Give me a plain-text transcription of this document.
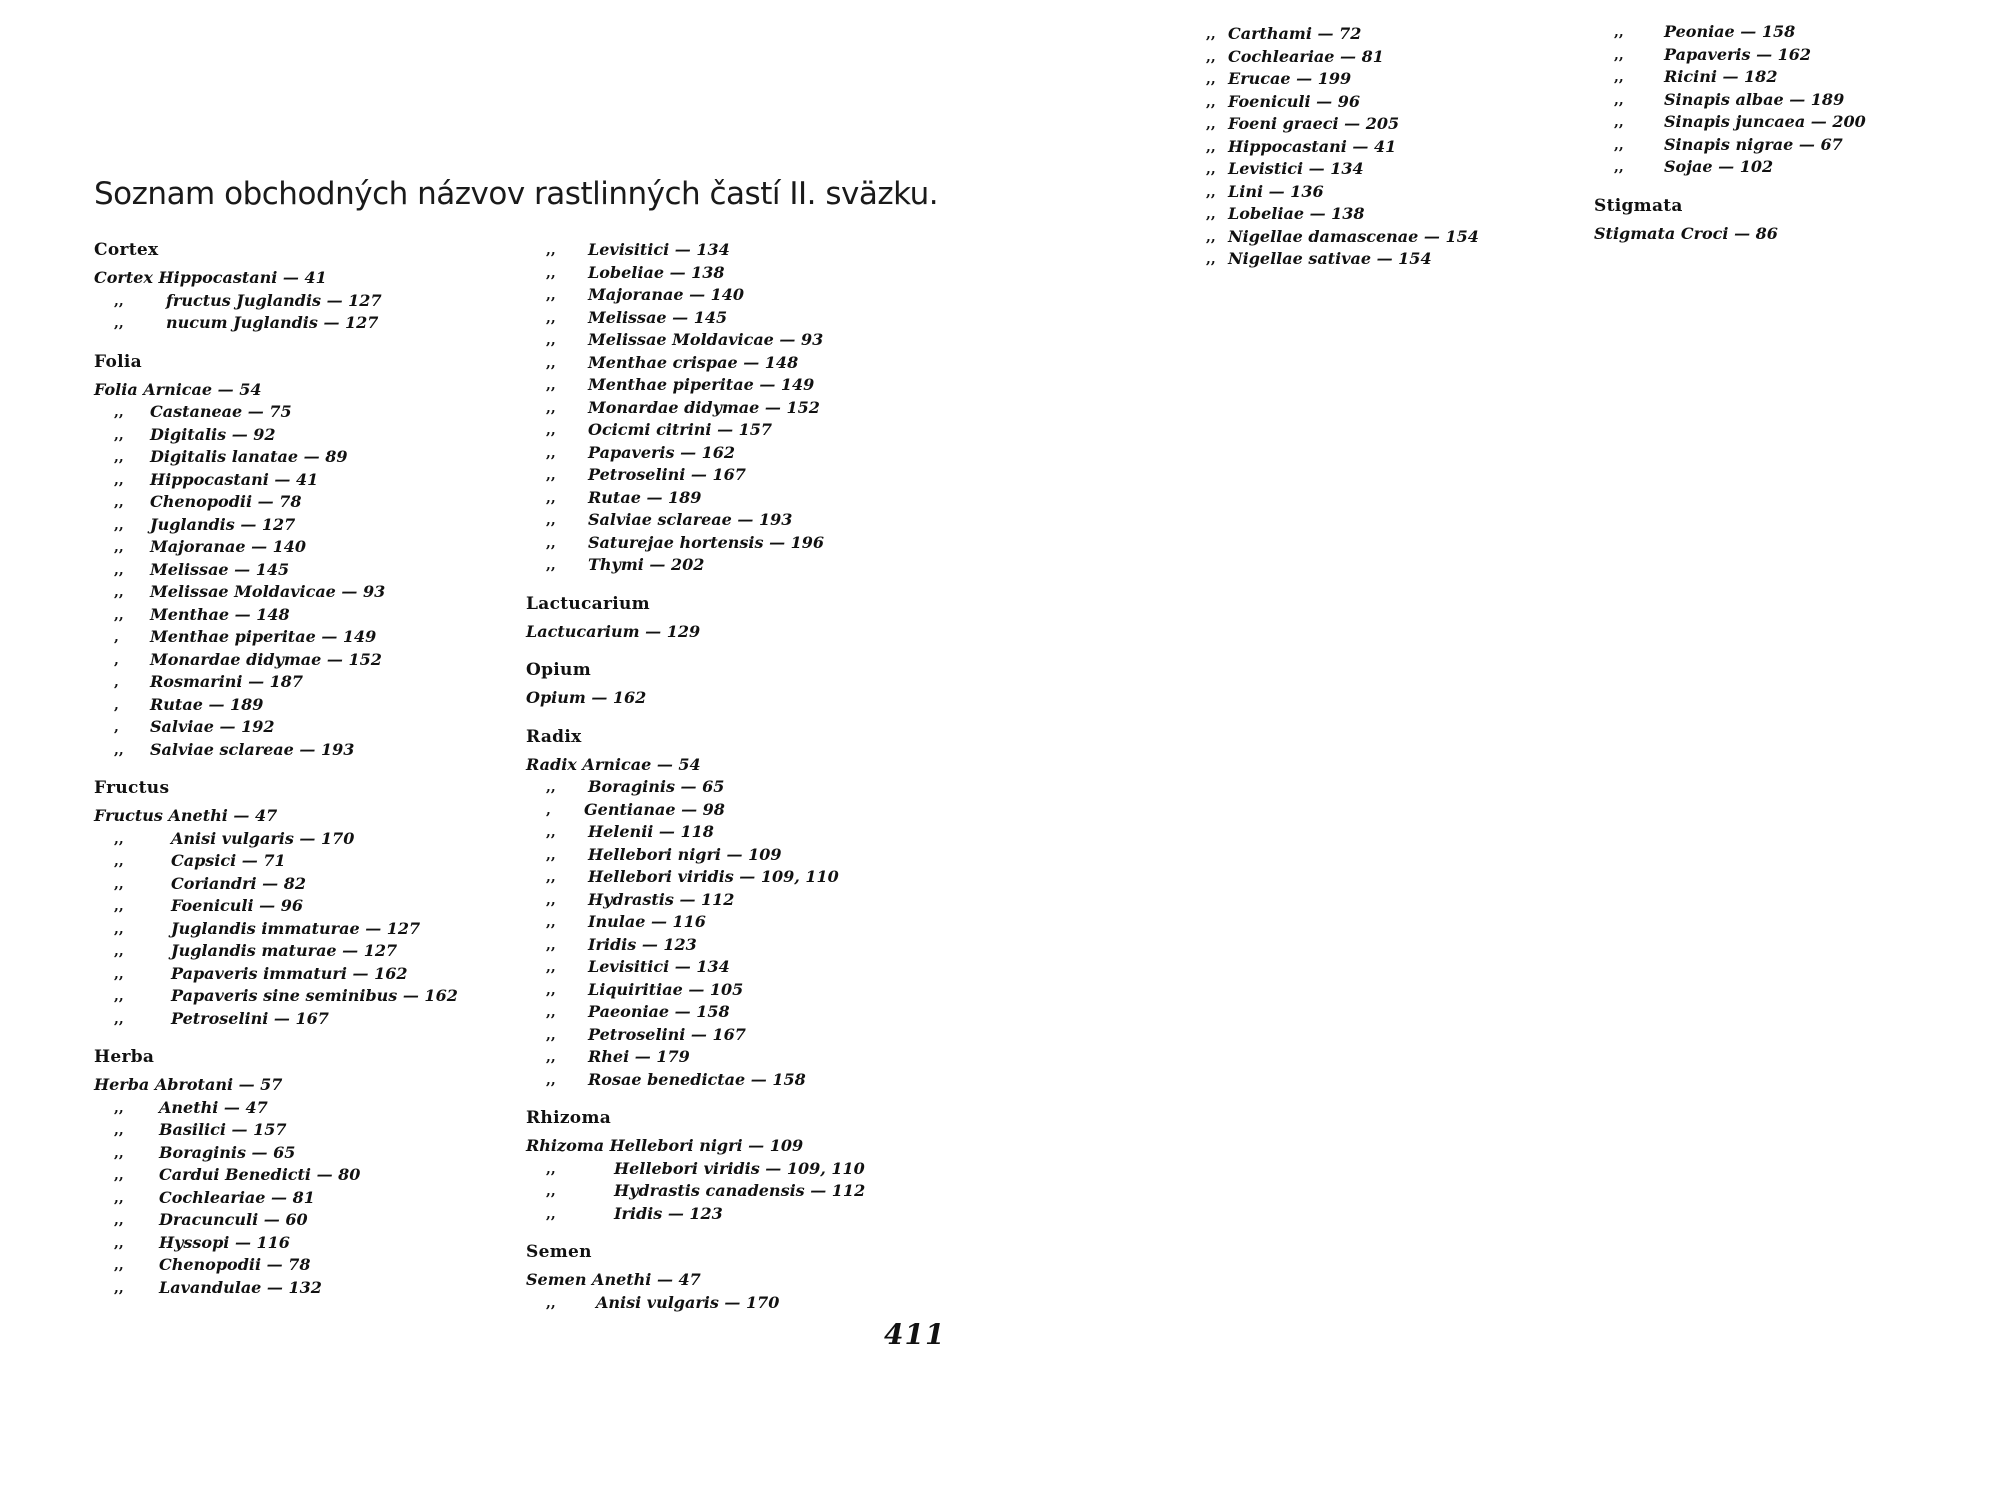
Soznam obchodných názvov rastlinných častí II. sväzku.
Cortex
Cortex Hippocastani — 41
,,	fructus Juglandis — 127
,,	nucum Juglandis — 127
Folia
Folia Arnicae — 54
,, Castaneae — 75
,, Digitalis — 92
,, Digitalis lanatae — 89
,, Hippocastani — 41
,, Chenopodii — 78
,, Juglandis — 127
,, Majoranae — 140
,, Melissae — 145
,, Melissae Moldavicae — 93
,, Menthae — 148
, Menthae piperitae — 149
, Monardae didymae — 152
, Rosmarini — 187
, Rutae — 189
, Salviae — 192
,, Salviae sclareae — 193
Fructus
Fructus Anethi — 47
,,	Anisi vulgaris — 170
,,	Capsici — 71
,,	Coriandri — 82
,,	Foeniculi — 96
,,	Juglandis immaturae — 127
,,	Juglandis maturae — 127
,,	Papaveris immaturi — 162
,,	Papaveris sine seminibus — 162
,,	Petroselini — 167
Herba
Herba Abrotani — 57
,, Anethi — 47
,, Basilici — 157
,, Boraginis — 65
,, Cardui Benedicti — 80
,, Cochleariae — 81
,, Dracunculi — 60
,, Hyssopi — 116
,, Chenopodii — 78
,, Lavandulae — 132
,, Levisitici — 134
,, Lobeliae — 138
,, Majoranae — 140
,, Melissae — 145
,, Melissae Moldavicae — 93
,, Menthae crispae — 148
,, Menthae piperitae — 149
,, Monardae didymae — 152
,, Ocicmi citrini — 157
,, Papaveris — 162
,, Petroselini — 167
,, Rutae — 189
,, Salviae sclareae — 193
,, Saturejae hortensis — 196
,, Thymi — 202
Lactucarium
Lactucarium — 129
Opium
Opium — 162
Radix
Radix Arnicae — 54
,, Boraginis — 65
, Gentianae — 98
,, Helenii — 118
,, Hellebori nigri — 109
,, Hellebori viridis — 109, 110
,, Hydrastis — 112
,, Inulae — 116
,, Iridis — 123
,, Levisitici — 134
,, Liquiritiae — 105
,, Paeoniae — 158
,, Petroselini — 167
,, Rhei — 179
,, Rosae benedictae — 158
Rhizoma
Rhizoma Hellebori nigri — 109
,,	Hellebori viridis — 109, 110
,,	Hydrastis canadensis — 112
,,	Iridis — 123
Semen
Semen Anethi — 47
,,	Anisi vulgaris — 170
,, Carthami — 72
,, Cochleariae — 81
,, Erucae — 199
,, Foeniculi — 96
,, Foeni graeci — 205
,, Hippocastani — 41
,, Levistici — 134
,, Lini — 136
,, Lobeliae — 138
,, Nigellae damascenae — 154
,, Nigellae sativae — 154
,,	Peoniae — 158
,,	Papaveris — 162
,,	Ricini — 182
,,	Sinapis albae — 189
,,	Sinapis juncaea — 200
,,	Sinapis nigrae — 67
,,	Sojae — 102
Stigmata
Stigmata Croci — 86
411
